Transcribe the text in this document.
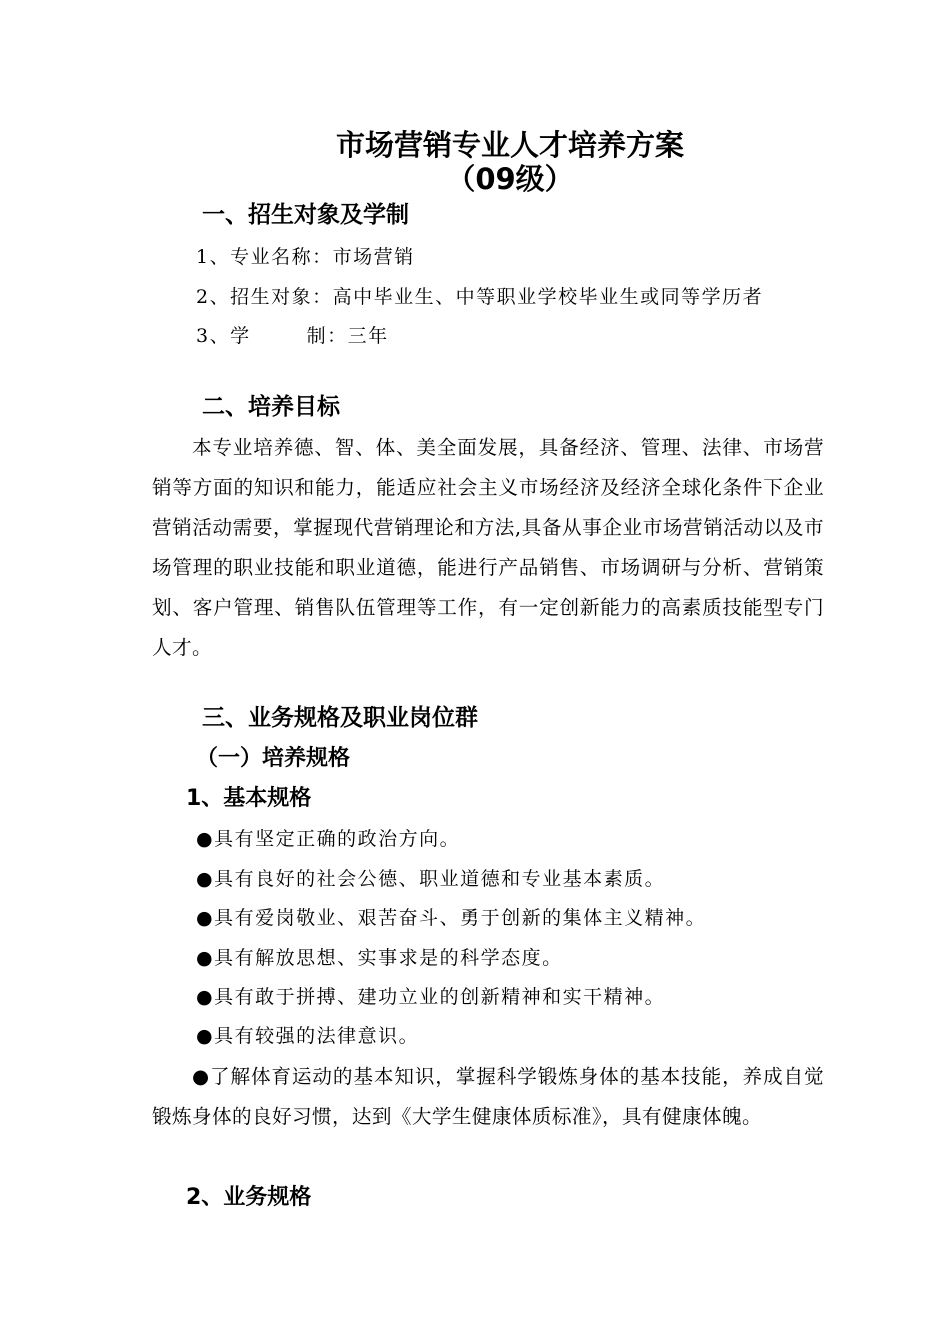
市场营销专业人才培养方案
（09级）
一、招生对象及学制
1、专业名称：市场营销
2、招生对象：高中毕业生、中等职业学校毕业生或同等学历者
3、学	制：三年
二、培养目标
本专业培养德、智、体、美全面发展，具备经济、管理、法律、市场营销等方面的知识和能力，能适应社会主义市场经济及经济全球化条件下企业营销活动需要，掌握现代营销理论和方法,具备从事企业市场营销活动以及市场管理的职业技能和职业道德，能进行产品销售、市场调研与分析、营销策划、客户管理、销售队伍管理等工作，有一定创新能力的高素质技能型专门人才。
三、业务规格及职业岗位群
（一）培养规格
1、基本规格
●具有坚定正确的政治方向。
●具有良好的社会公德、职业道德和专业基本素质。
●具有爱岗敬业、艰苦奋斗、勇于创新的集体主义精神。
●具有解放思想、实事求是的科学态度。
●具有敢于拼搏、建功立业的创新精神和实干精神。
●具有较强的法律意识。
●了解体育运动的基本知识，掌握科学锻炼身体的基本技能，养成自觉锻炼身体的良好习惯，达到《大学生健康体质标准》，具有健康体魄。
2、业务规格
